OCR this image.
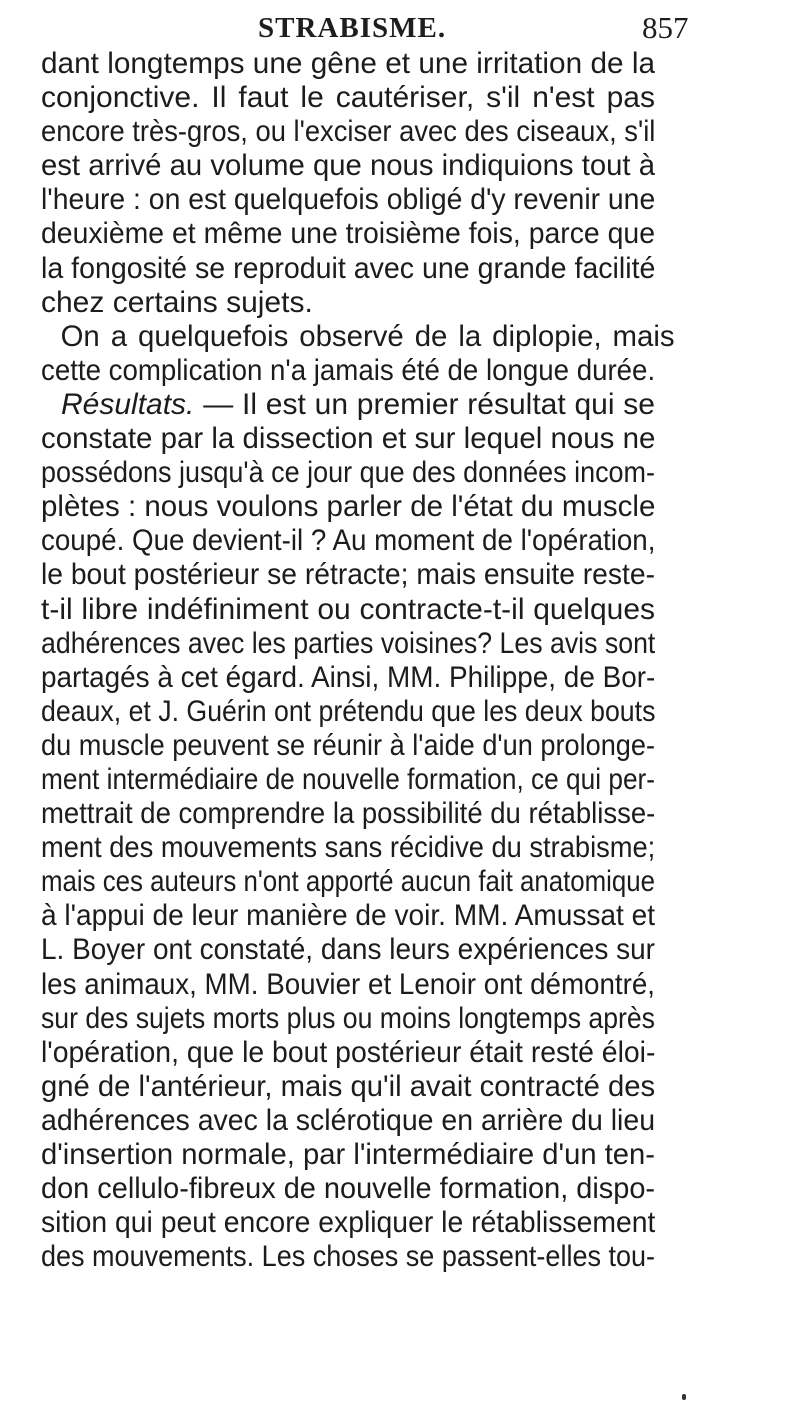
STRABISME.	857
dant longtemps une gêne et une irritation de la
conjonctive. Il faut le cautériser, s'il n'est pas
encore très-gros, ou l'exciser avec des ciseaux, s'il
est arrivé au volume que nous indiquions tout à
l'heure : on est quelquefois obligé d'y revenir une
deuxième et même une troisième fois, parce que
la fongosité se reproduit avec une grande facilité
chez certains sujets.
On a quelquefois observé de la diplopie, mais
cette complication n'a jamais été de longue durée.
Résultats. — Il est un premier résultat qui se
constate par la dissection et sur lequel nous ne
possédons jusqu'à ce jour que des données incom-
plètes : nous voulons parler de l'état du muscle
coupé. Que devient-il ? Au moment de l'opération,
le bout postérieur se rétracte; mais ensuite reste-
t-il libre indéfiniment ou contracte-t-il quelques
adhérences avec les parties voisines? Les avis sont
partagés à cet égard. Ainsi, MM. Philippe, de Bor-
deaux, et J. Guérin ont prétendu que les deux bouts
du muscle peuvent se réunir à l'aide d'un prolonge-
ment intermédiaire de nouvelle formation, ce qui per-
mettrait de comprendre la possibilité du rétablisse-
ment des mouvements sans récidive du strabisme;
mais ces auteurs n'ont apporté aucun fait anatomique
à l'appui de leur manière de voir. MM. Amussat et
L. Boyer ont constaté, dans leurs expériences sur
les animaux, MM. Bouvier et Lenoir ont démontré,
sur des sujets morts plus ou moins longtemps après
l'opération, que le bout postérieur était resté éloi-
gné de l'antérieur, mais qu'il avait contracté des
adhérences avec la sclérotique en arrière du lieu
d'insertion normale, par l'intermédiaire d'un ten-
don cellulo-fibreux de nouvelle formation, dispo-
sition qui peut encore expliquer le rétablissement
des mouvements. Les choses se passent-elles tou-
